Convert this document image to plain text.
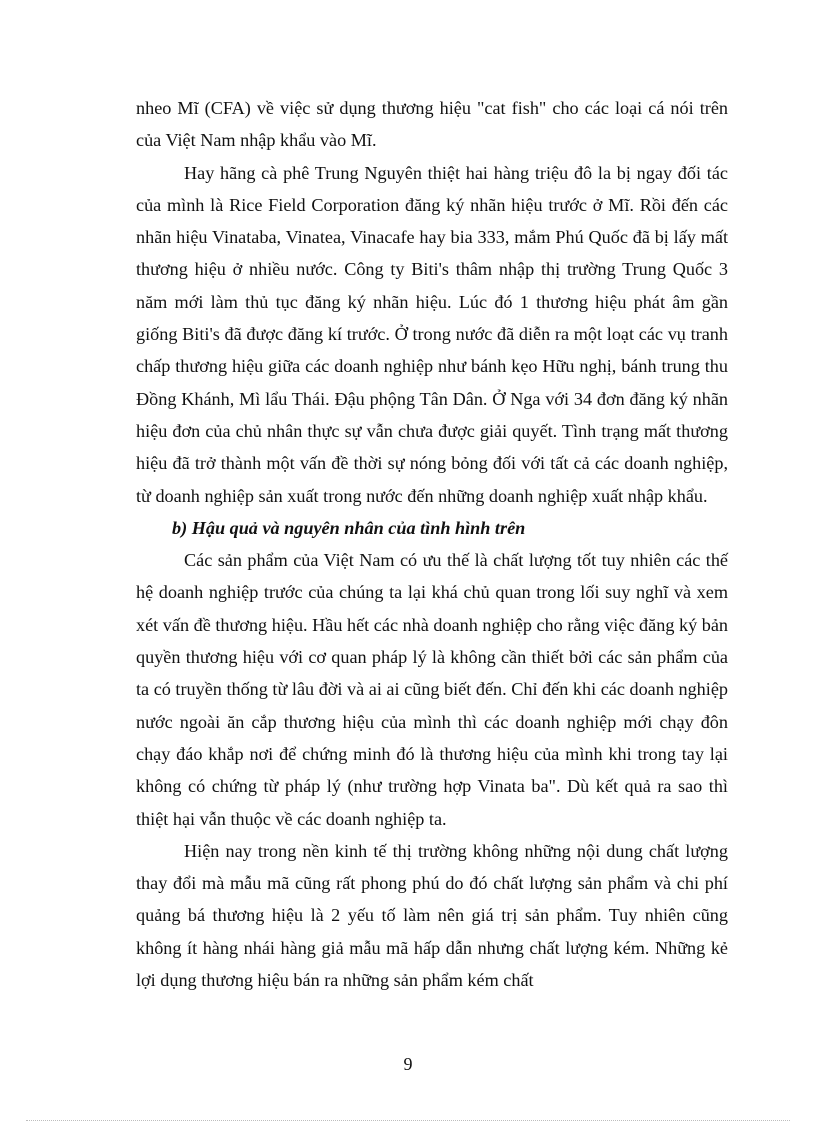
nheo Mĩ (CFA) về việc sử dụng thương hiệu "cat fish" cho các loại cá nói trên của Việt Nam nhập khẩu vào Mĩ.

Hay hãng cà phê Trung Nguyên thiệt hai hàng triệu đô la bị ngay đối tác của mình là Rice Field Corporation đăng ký nhãn hiệu trước ở Mĩ. Rồi đến các nhãn hiệu Vinataba, Vinatea, Vinacafe hay bia 333, mắm Phú Quốc đã bị lấy mất thương hiệu ở nhiều nước. Công ty Biti's thâm nhập thị trường Trung Quốc 3 năm mới làm thủ tục đăng ký nhãn hiệu. Lúc đó 1 thương hiệu phát âm gần giống Biti's đã được đăng kí trước. Ở trong nước đã diễn ra một loạt các vụ tranh chấp thương hiệu giữa các doanh nghiệp như bánh kẹo Hữu nghị, bánh trung thu Đồng Khánh, Mì lẩu Thái. Đậu phộng Tân Dân. Ở Nga với 34 đơn đăng ký nhãn hiệu đơn của chủ nhân thực sự vẫn chưa được giải quyết. Tình trạng mất thương hiệu đã trở thành một vấn đề thời sự nóng bỏng đối với tất cả các doanh nghiệp, từ doanh nghiệp sản xuất trong nước đến những doanh nghiệp xuất nhập khẩu.

b) Hậu quả và nguyên nhân của tình hình trên

Các sản phẩm của Việt Nam có ưu thế là chất lượng tốt tuy nhiên các thế hệ doanh nghiệp trước của chúng ta lại khá chủ quan trong lối suy nghĩ và xem xét vấn đề thương hiệu. Hầu hết các nhà doanh nghiệp cho rằng việc đăng ký bản quyền thương hiệu với cơ quan pháp lý là không cần thiết bởi các sản phẩm của ta có truyền thống từ lâu đời và ai ai cũng biết đến. Chỉ đến khi các doanh nghiệp nước ngoài ăn cắp thương hiệu của mình thì các doanh nghiệp mới chạy đôn chạy đáo khắp nơi để chứng minh đó là thương hiệu của mình khi trong tay lại không có chứng từ pháp lý (như trường hợp Vinata ba". Dù kết quả ra sao thì thiệt hại vẫn thuộc về các doanh nghiệp ta.

Hiện nay trong nền kinh tế thị trường không những nội dung chất lượng thay đổi mà mẫu mã cũng rất phong phú do đó chất lượng sản phẩm và chi phí quảng bá thương hiệu là 2 yếu tố làm nên giá trị sản phẩm. Tuy nhiên cũng không ít hàng nhái hàng giả mẫu mã hấp dẫn nhưng chất lượng kém. Những kẻ lợi dụng thương hiệu bán ra những sản phẩm kém chất

9
